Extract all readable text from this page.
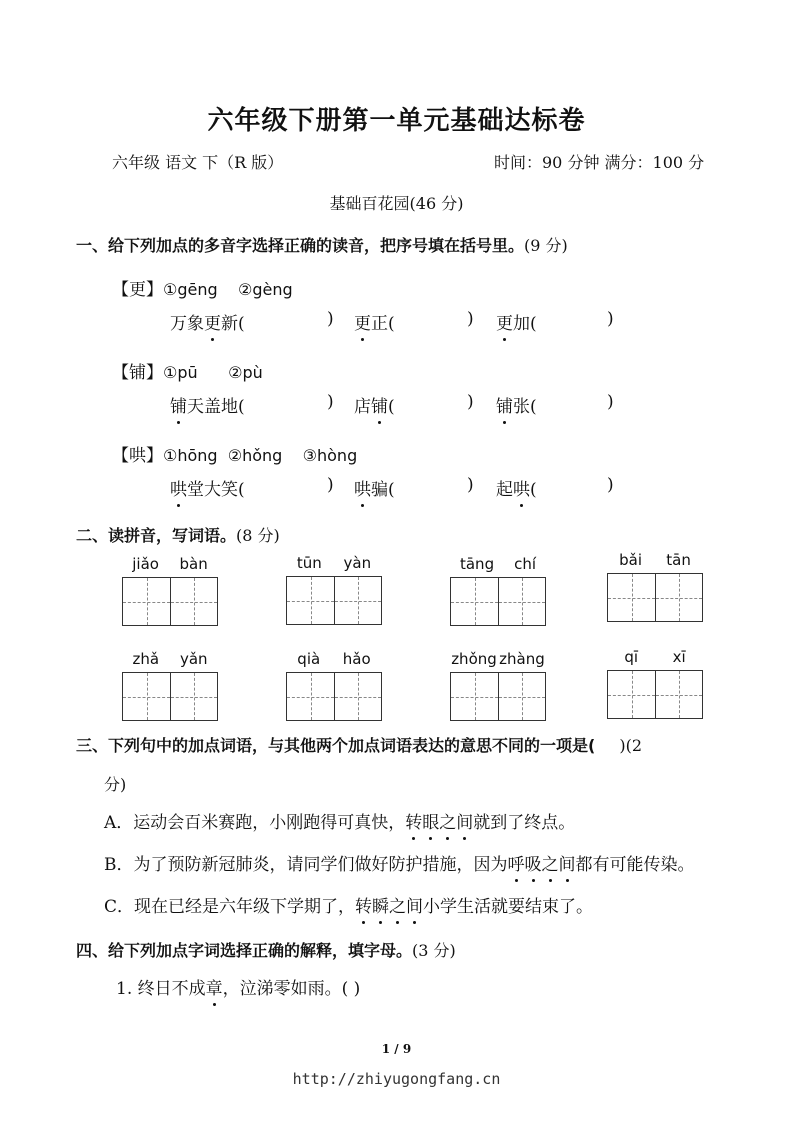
六年级下册第一单元基础达标卷
六年级 语文 下（R 版）	时间：90 分钟 满分：100 分
基础百花园(46 分)
一、给下列加点的多音字选择正确的读音，把序号填在括号里。(9 分)
【更】①gēng    ②gèng
万象更新(	) 更正(	) 更加(	)
【铺】①pū      ②pù
铺天盖地(	) 店铺(	) 铺张(	)
【哄】①hōng  ②hǒng    ③hòng
哄堂大笑(	) 哄骗(	) 起哄(	)
二、读拼音，写词语。(8 分)
jiǎo bàn	tūn yàn	tāng chí	bǎi tān
zhǎ yǎn	qià hǎo	zhǒng zhàng	qī xī
三、下列句中的加点词语，与其他两个加点词语表达的意思不同的一项是( )(2
分)
A．运动会百米赛跑，小刚跑得可真快，转眼之间就到了终点。
B．为了预防新冠肺炎，请同学们做好防护措施，因为呼吸之间都有可能传染。
C．现在已经是六年级下学期了，转瞬之间小学生活就要结束了。
四、给下列加点字词选择正确的解释，填字母。(3 分)
1. 终日不成章，泣涕零如雨。( )
1 / 9
http://zhiyugongfang.cn
